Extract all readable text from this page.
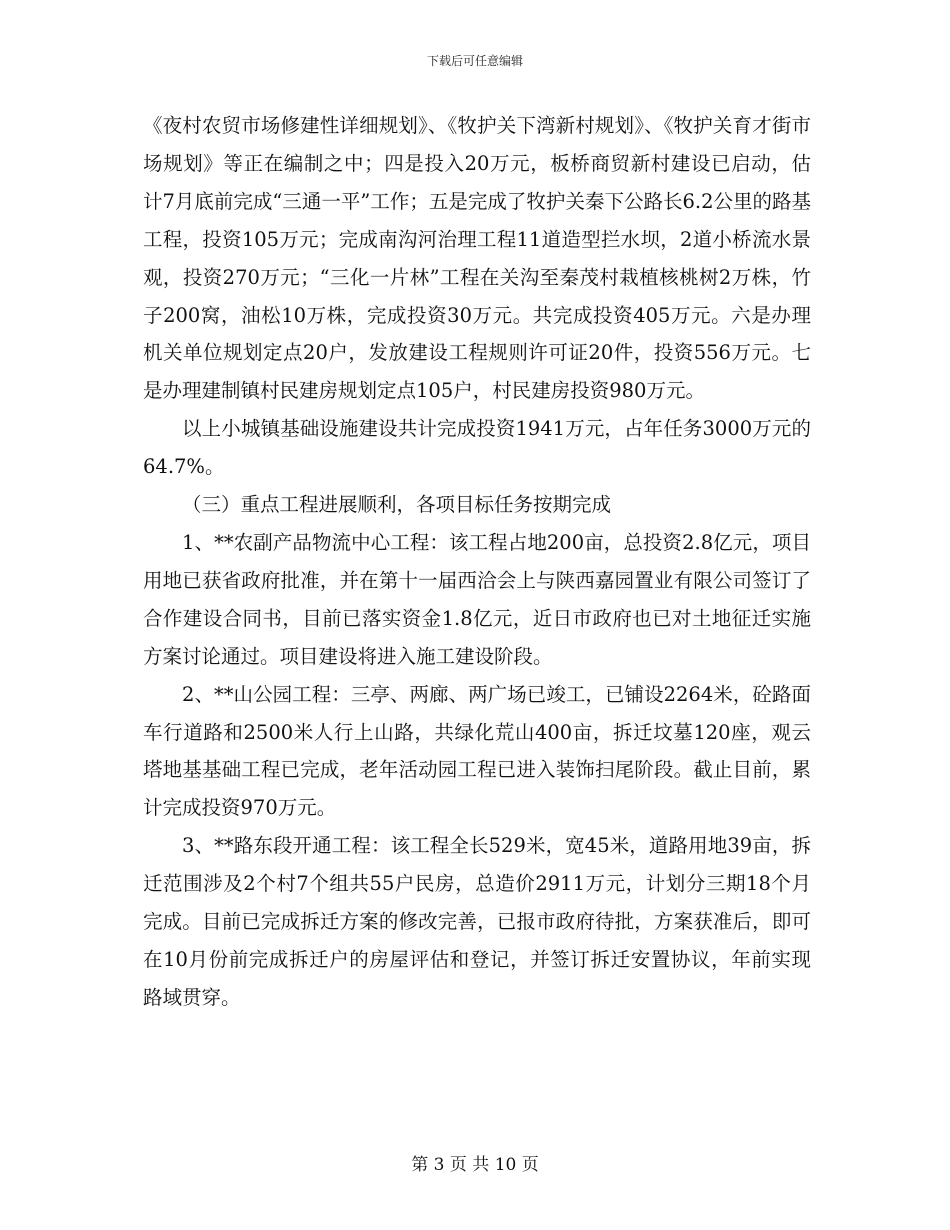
下载后可任意编辑

《夜村农贸市场修建性详细规划》、《牧护关下湾新村规划》、《牧护关育才街市场规划》等正在编制之中；四是投入20万元，板桥商贸新村建设已启动，估计7月底前完成“三通一平”工作；五是完成了牧护关秦下公路长6.2公里的路基工程，投资105万元；完成南沟河治理工程11道造型拦水坝，2道小桥流水景观，投资270万元；“三化一片林”工程在关沟至秦茂村栽植核桃树2万株，竹子200窝，油松10万株，完成投资30万元。共完成投资405万元。六是办理机关单位规划定点20户，发放建设工程规则许可证20件，投资556万元。七是办理建制镇村民建房规划定点105户，村民建房投资980万元。

以上小城镇基础设施建设共计完成投资1941万元，占年任务3000万元的64.7%。

（三）重点工程进展顺利，各项目标任务按期完成

1、**农副产品物流中心工程：该工程占地200亩，总投资2.8亿元，项目用地已获省政府批准，并在第十一届西洽会上与陕西嘉园置业有限公司签订了合作建设合同书，目前已落实资金1.8亿元，近日市政府也已对土地征迁实施方案讨论通过。项目建设将进入施工建设阶段。

2、**山公园工程：三亭、两廊、两广场已竣工，已铺设2264米，砼路面车行道路和2500米人行上山路，共绿化荒山400亩，拆迁坟墓120座，观云塔地基基础工程已完成，老年活动园工程已进入装饰扫尾阶段。截止目前，累计完成投资970万元。

3、**路东段开通工程：该工程全长529米，宽45米，道路用地39亩，拆迁范围涉及2个村7个组共55户民房，总造价2911万元，计划分三期18个月完成。目前已完成拆迁方案的修改完善，已报市政府待批，方案获准后，即可在10月份前完成拆迁户的房屋评估和登记，并签订拆迁安置协议，年前实现路域贯穿。

第 3 页 共 10 页
